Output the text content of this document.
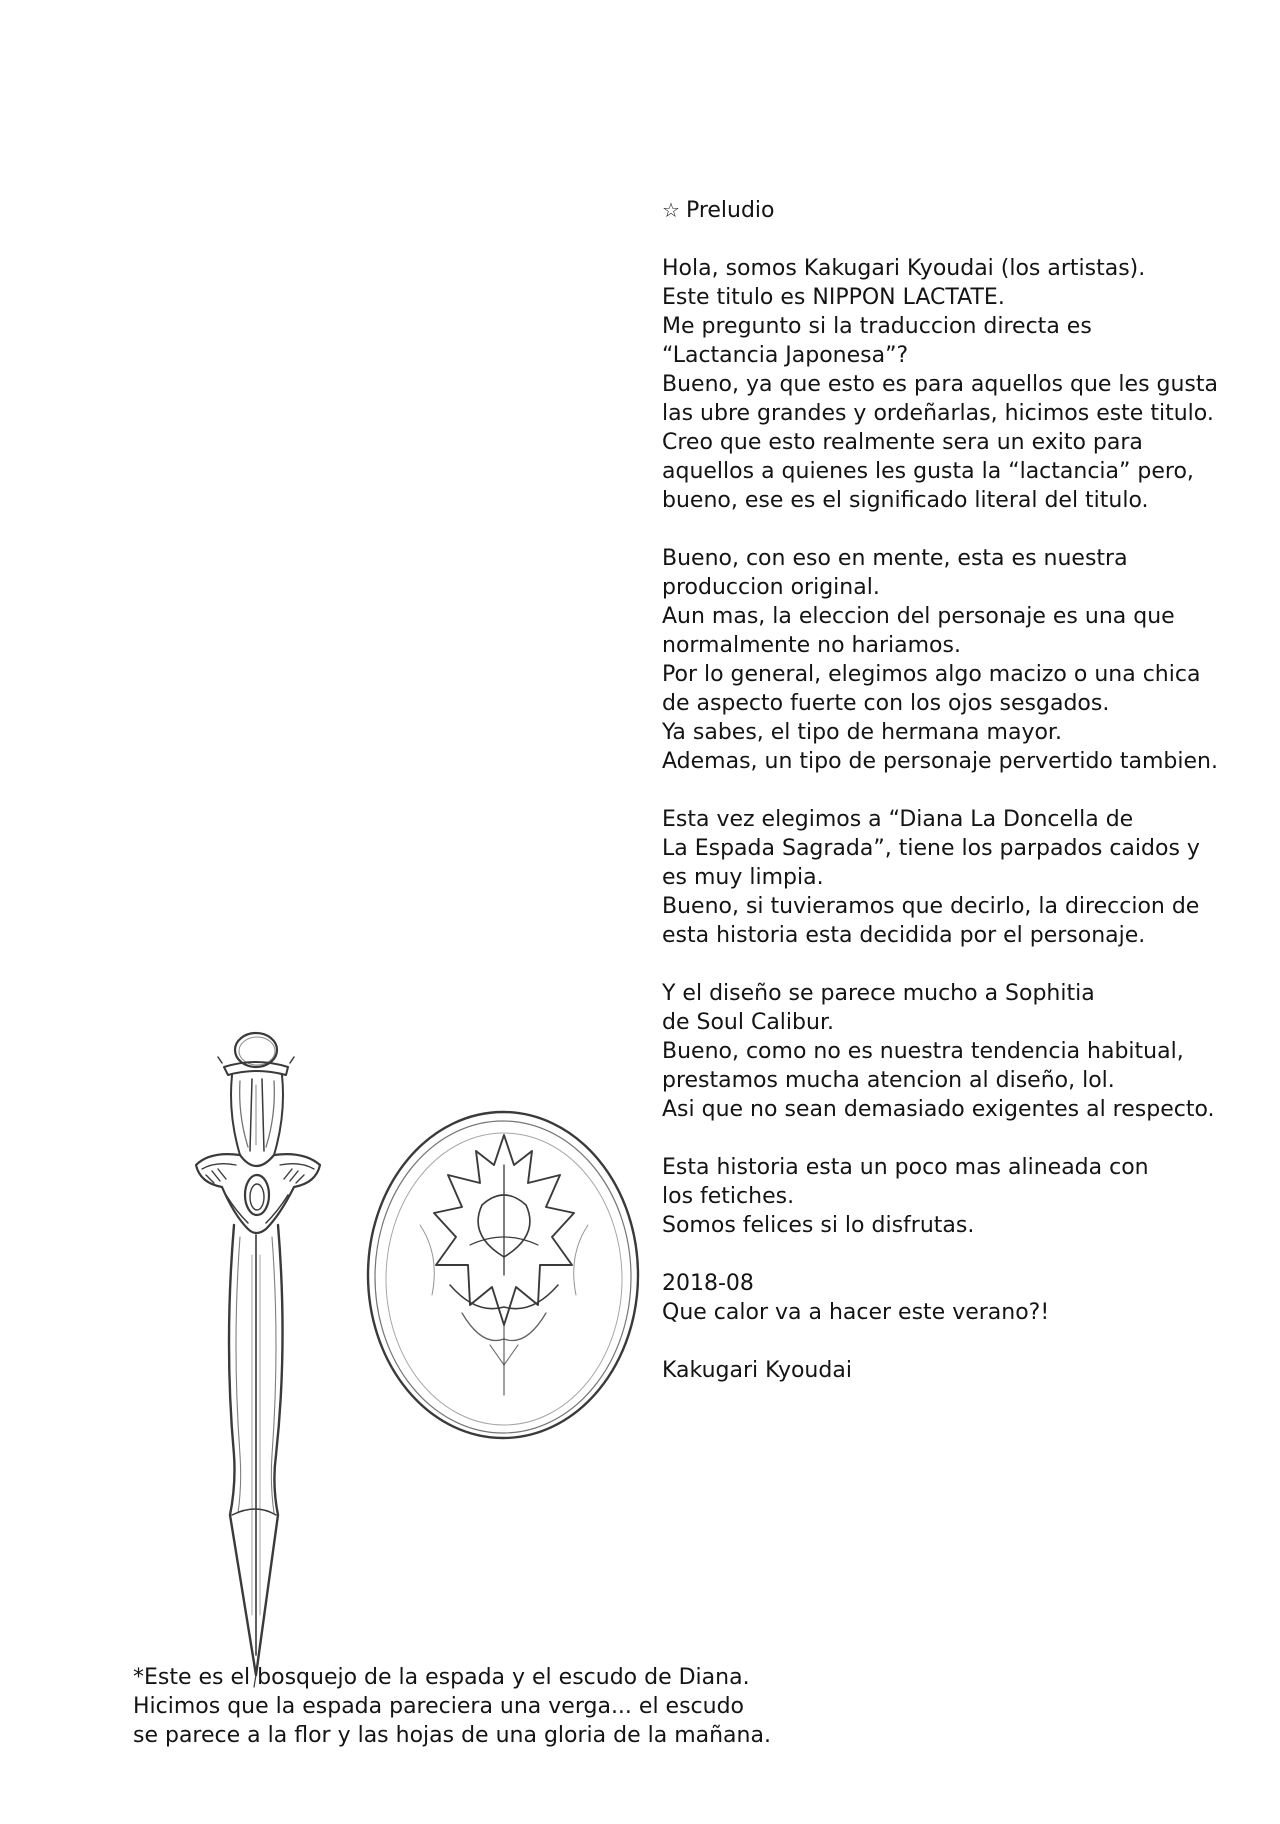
☆ Preludio
Hola, somos Kakugari Kyoudai (los artistas).
Este titulo es NIPPON LACTATE.
Me pregunto si la traduccion directa es
“Lactancia Japonesa”?
Bueno, ya que esto es para aquellos que les gusta
las ubre grandes y ordeñarlas, hicimos este titulo.
Creo que esto realmente sera un exito para
aquellos a quienes les gusta la “lactancia” pero,
bueno, ese es el significado literal del titulo.
Bueno, con eso en mente, esta es nuestra
produccion original.
Aun mas, la eleccion del personaje es una que
normalmente no hariamos.
Por lo general, elegimos algo macizo o una chica
de aspecto fuerte con los ojos sesgados.
Ya sabes, el tipo de hermana mayor.
Ademas, un tipo de personaje pervertido tambien.
Esta vez elegimos a “Diana La Doncella de
La Espada Sagrada”, tiene los parpados caidos y
es muy limpia.
Bueno, si tuvieramos que decirlo, la direccion de
esta historia esta decidida por el personaje.
Y el diseño se parece mucho a Sophitia
de Soul Calibur.
Bueno, como no es nuestra tendencia habitual,
prestamos mucha atencion al diseño, lol.
Asi que no sean demasiado exigentes al respecto.
Esta historia esta un poco mas alineada con
los fetiches.
Somos felices si lo disfrutas.
2018-08
Que calor va a hacer este verano?!
Kakugari Kyoudai
*Este es el bosquejo de la espada y el escudo de Diana.
Hicimos que la espada pareciera una verga... el escudo
se parece a la flor y las hojas de una gloria de la mañana.
